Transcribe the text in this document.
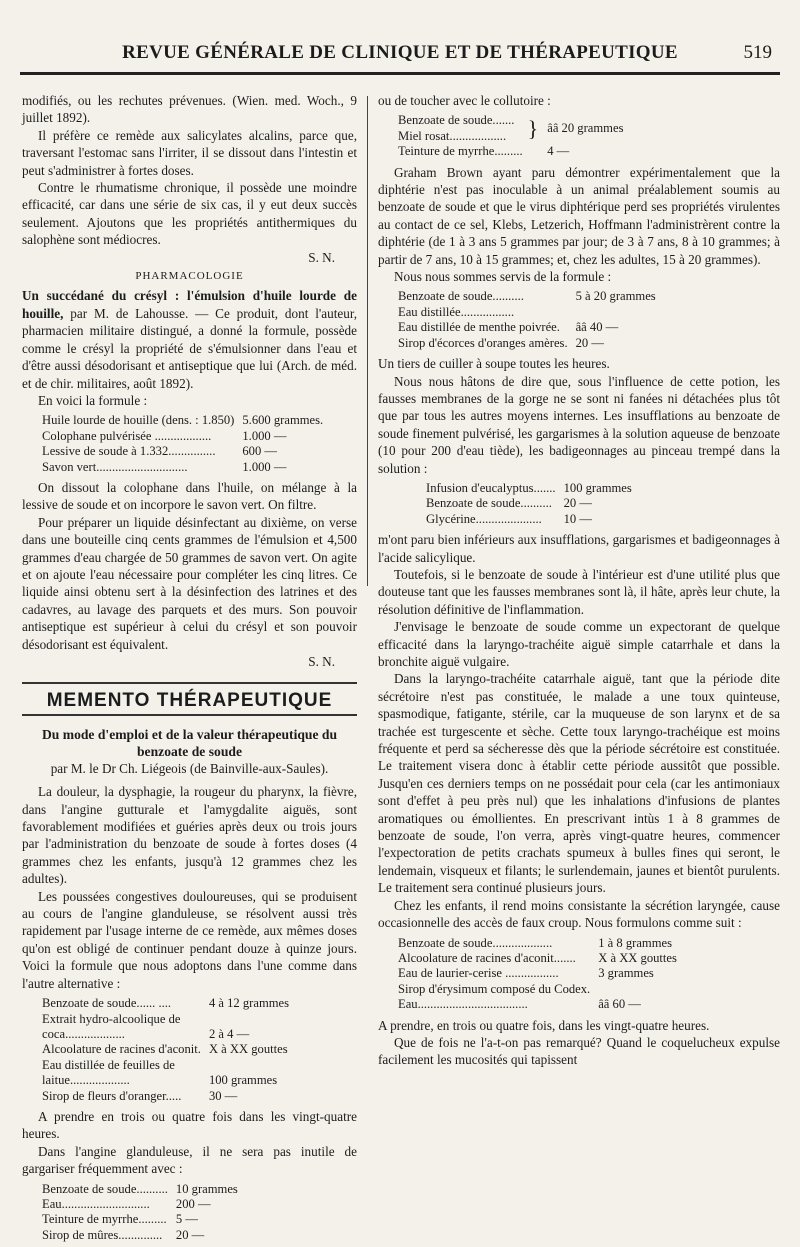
REVUE GÉNÉRALE DE CLINIQUE ET DE THÉRAPEUTIQUE	519

modifiés, ou les rechutes prévenues. (Wien. med. Woch., 9 juillet 1892).

Il préfère ce remède aux salicylates alcalins, parce que, traversant l'estomac sans l'irriter, il se dissout dans l'intestin et peut s'administrer à fortes doses.

Contre le rhumatisme chronique, il possède une moindre efficacité, car dans une série de six cas, il y eut deux succès seulement. Ajoutons que les propriétés antithermiques du salophène sont médiocres.

S. N.

PHARMACOLOGIE

Un succédané du crésyl : l'émulsion d'huile lourde de houille, par M. de Lahousse. — Ce produit, dont l'auteur, pharmacien militaire distingué, a donné la formule, possède comme le crésyl la propriété de s'émulsionner dans l'eau et d'être aussi désodorisant et antiseptique que lui (Arch. de méd. et de chir. militaires, août 1892).

En voici la formule :

Huile lourde de houille (dens. : 1.850)	5.600 grammes.
Colophane pulvérisée ..................	1.000 —
Lessive de soude à 1.332...............	600 —
Savon vert.............................	1.000 —

On dissout la colophane dans l'huile, on mélange à la lessive de soude et on incorpore le savon vert. On filtre.

Pour préparer un liquide désinfectant au dixième, on verse dans une bouteille cinq cents grammes de l'émulsion et 4,500 grammes d'eau chargée de 50 grammes de savon vert. On agite et on ajoute l'eau nécessaire pour compléter les cinq litres. Ce liquide ainsi obtenu sert à la désinfection des latrines et des cadavres, au lavage des parquets et des murs. Son pouvoir antiseptique est supérieur à celui du crésyl et son pouvoir désodorisant est équivalent.

S. N.

MEMENTO THÉRAPEUTIQUE

Du mode d'emploi et de la valeur thérapeutique du benzoate de soude

par M. le Dr Ch. Liégeois (de Bainville-aux-Saules).

La douleur, la dysphagie, la rougeur du pharynx, la fièvre, dans l'angine gutturale et l'amygdalite aiguës, sont favorablement modifiées et guéries après deux ou trois jours par l'administration du benzoate de soude à fortes doses (4 grammes chez les enfants, jusqu'à 12 grammes chez les adultes).

Les poussées congestives douloureuses, qui se produisent au cours de l'angine glanduleuse, se résolvent aussi très rapidement par l'usage interne de ce remède, aux mêmes doses qu'on est obligé de continuer pendant douze à quinze jours. Voici la formule que nous adoptons dans l'une comme dans l'autre alternative :

Benzoate de soude...... ....	4 à 12 grammes
Extrait hydro-alcoolique de	
coca...................	2 à 4 —
Alcoolature de racines d'aconit.	X à XX gouttes
Eau distillée de feuilles de	
laitue...................	100 grammes
Sirop de fleurs d'oranger.....	30 —

A prendre en trois ou quatre fois dans les vingt-quatre heures.

Dans l'angine glanduleuse, il ne sera pas inutile de gargariser fréquemment avec :

Benzoate de soude..........	10 grammes
Eau............................	200 —
Teinture de myrrhe.........	5 —
Sirop de mûres..............	20 —

ou de toucher avec le collutoire :

Benzoate de soude.......
Miel rosat..................	}	ââ 20 grammes
Teinture de myrrhe.........		4 —

Graham Brown ayant paru démontrer expérimentalement que la diphtérie n'est pas inoculable à un animal préalablement soumis au benzoate de soude et que le virus diphtérique perd ses propriétés virulentes au contact de ce sel, Klebs, Letzerich, Hoffmann l'administrèrent contre la diphtérie (de 1 à 3 ans 5 grammes par jour; de 3 à 7 ans, 8 à 10 grammes; à partir de 7 ans, 10 à 15 grammes; et, chez les adultes, 15 à 20 grammes).

Nous nous sommes servis de la formule :

Benzoate de soude..........	5 à 20 grammes
Eau distillée.................	
Eau distillée de menthe poivrée.	ââ 40 —
Sirop d'écorces d'oranges amères.	20 —

Un tiers de cuiller à soupe toutes les heures.

Nous nous hâtons de dire que, sous l'influence de cette potion, les fausses membranes de la gorge ne se sont ni fanées ni détachées plus tôt que par tous les autres moyens internes. Les insufflations au benzoate de soude finement pulvérisé, les gargarismes à la solution aqueuse de benzoate (10 pour 200 d'eau tiède), les badigeonnages au pinceau trempé dans la solution :

Infusion d'eucalyptus.......	100 grammes
Benzoate de soude..........	20 —
Glycérine.....................	10 —

m'ont paru bien inférieurs aux insufflations, gargarismes et badigeonnages à l'acide salicylique.

Toutefois, si le benzoate de soude à l'intérieur est d'une utilité plus que douteuse tant que les fausses membranes sont là, il hâte, après leur chute, la résolution définitive de l'inflammation.

J'envisage le benzoate de soude comme un expectorant de quelque efficacité dans la laryngo-trachéite aiguë simple catarrhale et dans la bronchite aiguë vulgaire.

Dans la laryngo-trachéite catarrhale aiguë, tant que la période dite sécrétoire n'est pas constituée, le malade a une toux quinteuse, spasmodique, fatigante, stérile, car la muqueuse de son larynx et de sa trachée est turgescente et sèche. Cette toux laryngo-trachéique est moins fréquente et perd sa sécheresse dès que la période sécrétoire est constituée. Le traitement visera donc à établir cette période aussitôt que possible. Jusqu'en ces derniers temps on ne possédait pour cela (car les antimoniaux sont d'effet à peu près nul) que les inhalations d'infusions de plantes aromatiques ou émollientes. En prescrivant intùs 1 à 8 grammes de benzoate de soude, l'on verra, après vingt-quatre heures, commencer l'expectoration de petits crachats spumeux à bulles fines qui seront, le lendemain, visqueux et filants; le surlendemain, jaunes et bientôt purulents. Le traitement sera continué plusieurs jours.

Chez les enfants, il rend moins consistante la sécrétion laryngée, cause occasionnelle des accès de faux croup. Nous formulons comme suit :

Benzoate de soude...................	1 à 8 grammes
Alcoolature de racines d'aconit.......	X à XX gouttes
Eau de laurier-cerise .................	3 grammes
Sirop d'érysimum composé du Codex.	
Eau...................................	ââ 60 —

A prendre, en trois ou quatre fois, dans les vingt-quatre heures.

Que de fois ne l'a-t-on pas remarqué? Quand le coqueluchеux expulse facilement les mucosités qui tapissent
